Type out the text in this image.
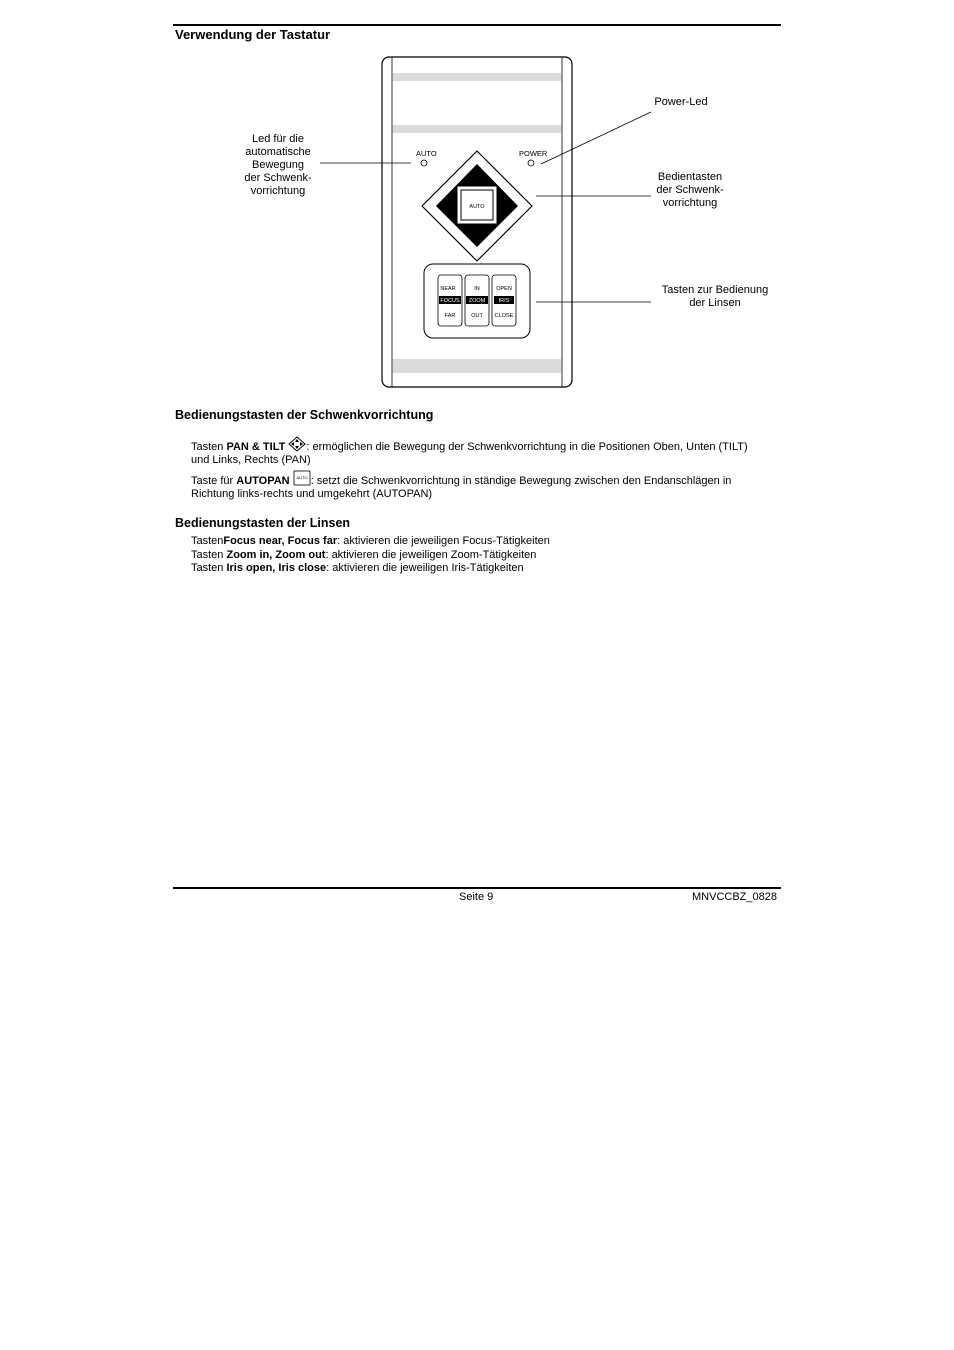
Verwendung der Tastatur
AUTO	POWER
AUTO
NEAR
FOCUS
FAR
IN
ZOOM
OUT
OPEN
IRIS
CLOSE
Power-Led
Led für die
automatische
Bewegung
der Schwenk-
vorrichtung
Bedientasten
der Schwenk-
vorrichtung
Tasten zur Bedienung
der Linsen
Bedienungstasten der Schwenkvorrichtung
Tasten PAN & TILT : ermöglichen die Bewegung der Schwenkvorrichtung in die Positionen Oben, Unten (TILT)
und Links, Rechts (PAN)
Taste für AUTOPAN AUTO : setzt die Schwenkvorrichtung in ständige Bewegung zwischen den Endanschlägen in
Richtung links-rechts und umgekehrt (AUTOPAN)
Bedienungstasten der Linsen
TastenFocus near, Focus far: aktivieren die jeweiligen Focus-Tätigkeiten
Tasten Zoom in, Zoom out: aktivieren die jeweiligen Zoom-Tätigkeiten
Tasten Iris open, Iris close: aktivieren die jeweiligen Iris-Tätigkeiten
Seite 9	MNVCCBZ_0828
